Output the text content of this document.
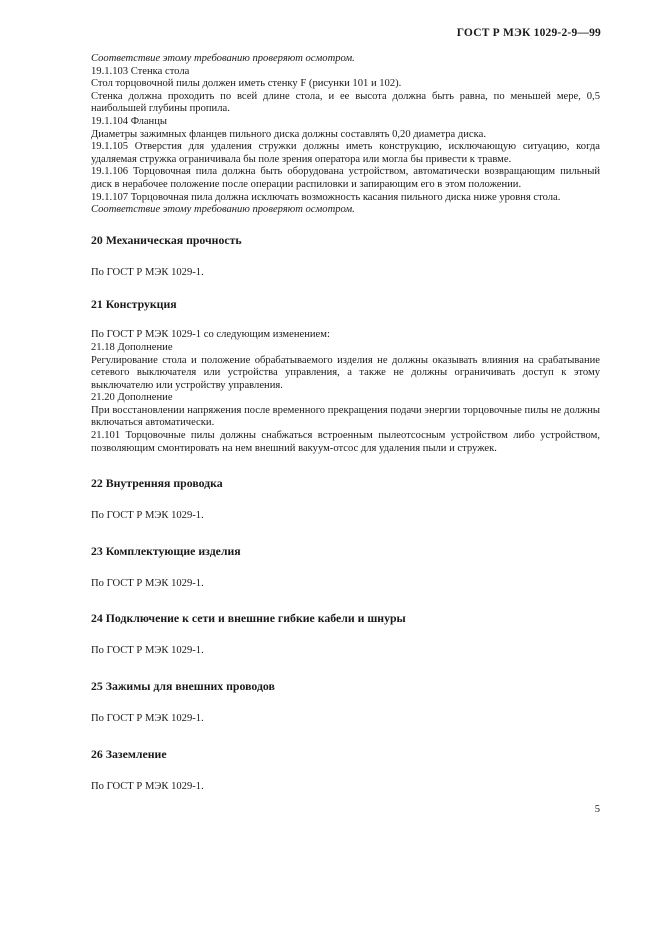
ГОСТ Р МЭК 1029-2-9—99

Соответствие этому требованию проверяют осмотром.

19.1.103 Стенка стола

Стол торцовочной пилы должен иметь стенку F (рисунки 101 и 102).

Стенка должна проходить по всей длине стола, и ее высота должна быть равна, по меньшей мере, 0,5 наибольшей глубины пропила.

19.1.104 Фланцы

Диаметры зажимных фланцев пильного диска должны составлять 0,20 диаметра диска.

19.1.105 Отверстия для удаления стружки должны иметь конструкцию, исключающую ситуацию, когда удаляемая стружка ограничивала бы поле зрения оператора или могла бы привести к травме.

19.1.106 Торцовочная пила должна быть оборудована устройством, автоматически возвращающим пильный диск в нерабочее положение после операции распиловки и запирающим его в этом положении.

19.1.107 Торцовочная пила должна исключать возможность касания пильного диска ниже уровня стола.

Соответствие этому требованию проверяют осмотром.

20 Механическая прочность

По ГОСТ Р МЭК 1029-1.

21 Конструкция

По ГОСТ Р МЭК 1029-1 со следующим изменением:

21.18 Дополнение

Регулирование стола и положение обрабатываемого изделия не должны оказывать влияния на срабатывание сетевого выключателя или устройства управления, а также не должны ограничивать доступ к этому выключателю или устройству управления.

21.20 Дополнение

При восстановлении напряжения после временного прекращения подачи энергии торцовочные пилы не должны включаться автоматически.

21.101 Торцовочные пилы должны снабжаться встроенным пылеотсосным устройством либо устройством, позволяющим смонтировать на нем внешний вакуум-отсос для удаления пыли и стружек.

22 Внутренняя проводка

По ГОСТ Р МЭК 1029-1.

23 Комплектующие изделия

По ГОСТ Р МЭК 1029-1.

24 Подключение к сети и внешние гибкие кабели и шнуры

По ГОСТ Р МЭК 1029-1.

25 Зажимы для внешних проводов

По ГОСТ Р МЭК 1029-1.

26 Заземление

По ГОСТ Р МЭК 1029-1.

5
